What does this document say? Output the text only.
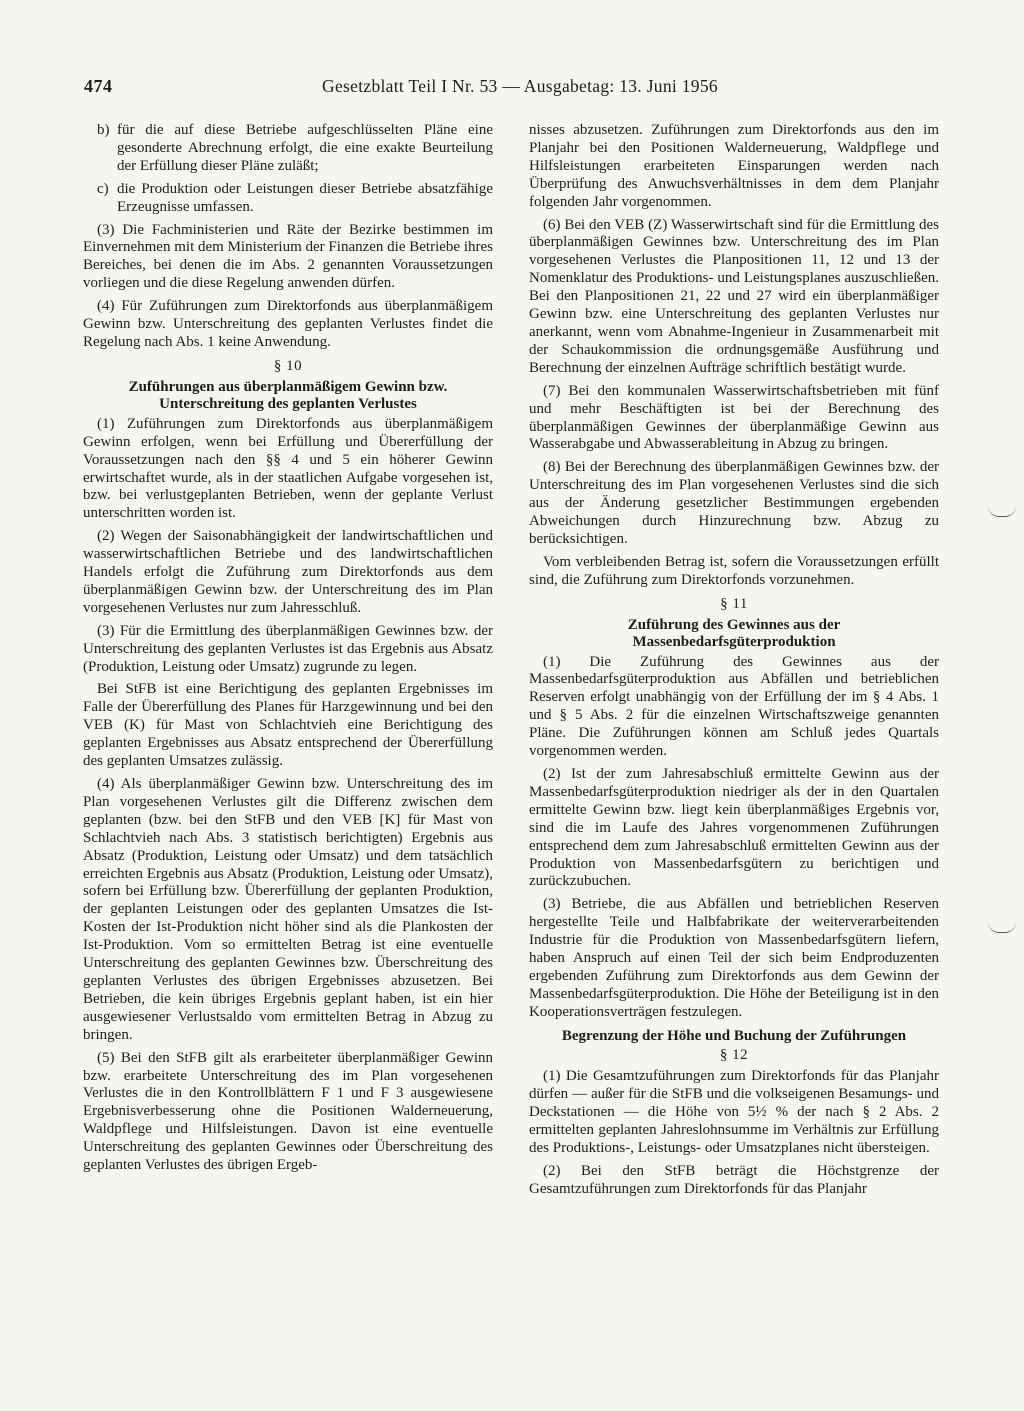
474	Gesetzblatt Teil I Nr. 53 — Ausgabetag: 13. Juni 1956
b) für die auf diese Betriebe aufgeschlüsselten Pläne eine gesonderte Abrechnung erfolgt, die eine exakte Beurteilung der Erfüllung dieser Pläne zuläßt;
c) die Produktion oder Leistungen dieser Betriebe absatzfähige Erzeugnisse umfassen.

(3) Die Fachministerien und Räte der Bezirke bestimmen im Einvernehmen mit dem Ministerium der Finanzen die Betriebe ihres Bereiches, bei denen die im Abs. 2 genannten Voraussetzungen vorliegen und die diese Regelung anwenden dürfen.

(4) Für Zuführungen zum Direktorfonds aus überplanmäßigem Gewinn bzw. Unterschreitung des geplanten Verlustes findet die Regelung nach Abs. 1 keine Anwendung.

§ 10
Zuführungen aus überplanmäßigem Gewinn bzw. Unterschreitung des geplanten Verlustes

(1) Zuführungen zum Direktorfonds aus überplanmäßigem Gewinn erfolgen, wenn bei Erfüllung und Übererfüllung der Voraussetzungen nach den §§ 4 und 5 ein höherer Gewinn erwirtschaftet wurde, als in der staatlichen Aufgabe vorgesehen ist, bzw. bei verlustgeplanten Betrieben, wenn der geplante Verlust unterschritten worden ist.

(2) Wegen der Saisonabhängigkeit der landwirtschaftlichen und wasserwirtschaftlichen Betriebe und des landwirtschaftlichen Handels erfolgt die Zuführung zum Direktorfonds aus dem überplanmäßigen Gewinn bzw. der Unterschreitung des im Plan vorgesehenen Verlustes nur zum Jahresschluß.

(3) Für die Ermittlung des überplanmäßigen Gewinnes bzw. der Unterschreitung des geplanten Verlustes ist das Ergebnis aus Absatz (Produktion, Leistung oder Umsatz) zugrunde zu legen.

Bei StFB ist eine Berichtigung des geplanten Ergebnisses im Falle der Übererfüllung des Planes für Harzgewinnung und bei den VEB (K) für Mast von Schlachtvieh eine Berichtigung des geplanten Ergebnisses aus Absatz entsprechend der Übererfüllung des geplanten Umsatzes zulässig.

(4) Als überplanmäßiger Gewinn bzw. Unterschreitung des im Plan vorgesehenen Verlustes gilt die Differenz zwischen dem geplanten (bzw. bei den StFB und den VEB [K] für Mast von Schlachtvieh nach Abs. 3 statistisch berichtigten) Ergebnis aus Absatz (Produktion, Leistung oder Umsatz) und dem tatsächlich erreichten Ergebnis aus Absatz (Produktion, Leistung oder Umsatz), sofern bei Erfüllung bzw. Übererfüllung der geplanten Produktion, der geplanten Leistungen oder des geplanten Umsatzes die Ist-Kosten der Ist-Produktion nicht höher sind als die Plankosten der Ist-Produktion. Vom so ermittelten Betrag ist eine eventuelle Unterschreitung des geplanten Gewinnes bzw. Überschreitung des geplanten Verlustes des übrigen Ergebnisses abzusetzen. Bei Betrieben, die kein übriges Ergebnis geplant haben, ist ein hier ausgewiesener Verlustsaldo vom ermittelten Betrag in Abzug zu bringen.

(5) Bei den StFB gilt als erarbeiteter überplanmäßiger Gewinn bzw. erarbeitete Unterschreitung des im Plan vorgesehenen Verlustes die in den Kontrollblättern F 1 und F 3 ausgewiesene Ergebnisverbesserung ohne die Positionen Walderneuerung, Waldpflege und Hilfsleistungen. Davon ist eine eventuelle Unterschreitung des geplanten Gewinnes oder Überschreitung des geplanten Verlustes des übrigen Ergeb-

nisses abzusetzen. Zuführungen zum Direktorfonds aus den im Planjahr bei den Positionen Walderneuerung, Waldpflege und Hilfsleistungen erarbeiteten Einsparungen werden nach Überprüfung des Anwuchsverhältnisses in dem dem Planjahr folgenden Jahr vorgenommen.

(6) Bei den VEB (Z) Wasserwirtschaft sind für die Ermittlung des überplanmäßigen Gewinnes bzw. Unterschreitung des im Plan vorgesehenen Verlustes die Planpositionen 11, 12 und 13 der Nomenklatur des Produktions- und Leistungsplanes auszuschließen. Bei den Planpositionen 21, 22 und 27 wird ein überplanmäßiger Gewinn bzw. eine Unterschreitung des geplanten Verlustes nur anerkannt, wenn vom Abnahme-Ingenieur in Zusammenarbeit mit der Schaukommission die ordnungsgemäße Ausführung und Berechnung der einzelnen Aufträge schriftlich bestätigt wurde.

(7) Bei den kommunalen Wasserwirtschaftsbetrieben mit fünf und mehr Beschäftigten ist bei der Berechnung des überplanmäßigen Gewinnes der überplanmäßige Gewinn aus Wasserabgabe und Abwasserableitung in Abzug zu bringen.

(8) Bei der Berechnung des überplanmäßigen Gewinnes bzw. der Unterschreitung des im Plan vorgesehenen Verlustes sind die sich aus der Änderung gesetzlicher Bestimmungen ergebenden Abweichungen durch Hinzurechnung bzw. Abzug zu berücksichtigen.

Vom verbleibenden Betrag ist, sofern die Voraussetzungen erfüllt sind, die Zuführung zum Direktorfonds vorzunehmen.

§ 11
Zuführung des Gewinnes aus der Massenbedarfsgüterproduktion

(1) Die Zuführung des Gewinnes aus der Massenbedarfsgüterproduktion aus Abfällen und betrieblichen Reserven erfolgt unabhängig von der Erfüllung der im § 4 Abs. 1 und § 5 Abs. 2 für die einzelnen Wirtschaftszweige genannten Pläne. Die Zuführungen können am Schluß jedes Quartals vorgenommen werden.

(2) Ist der zum Jahresabschluß ermittelte Gewinn aus der Massenbedarfsgüterproduktion niedriger als der in den Quartalen ermittelte Gewinn bzw. liegt kein überplanmäßiges Ergebnis vor, sind die im Laufe des Jahres vorgenommenen Zuführungen entsprechend dem zum Jahresabschluß ermittelten Gewinn aus der Produktion von Massenbedarfsgütern zu berichtigen und zurückzubuchen.

(3) Betriebe, die aus Abfällen und betrieblichen Reserven hergestellte Teile und Halbfabrikate der weiterverarbeitenden Industrie für die Produktion von Massenbedarfsgütern liefern, haben Anspruch auf einen Teil der sich beim Endproduzenten ergebenden Zuführung zum Direktorfonds aus dem Gewinn der Massenbedarfsgüterproduktion. Die Höhe der Beteiligung ist in den Kooperationsverträgen festzulegen.

Begrenzung der Höhe und Buchung der Zuführungen
§ 12

(1) Die Gesamtzuführungen zum Direktorfonds für das Planjahr dürfen — außer für die StFB und die volkseigenen Besamungs- und Deckstationen — die Höhe von 5½ % der nach § 2 Abs. 2 ermittelten geplanten Jahreslohnsumme im Verhältnis zur Erfüllung des Produktions-, Leistungs- oder Umsatzplanes nicht übersteigen.

(2) Bei den StFB beträgt die Höchstgrenze der Gesamtzuführungen zum Direktorfonds für das Planjahr
